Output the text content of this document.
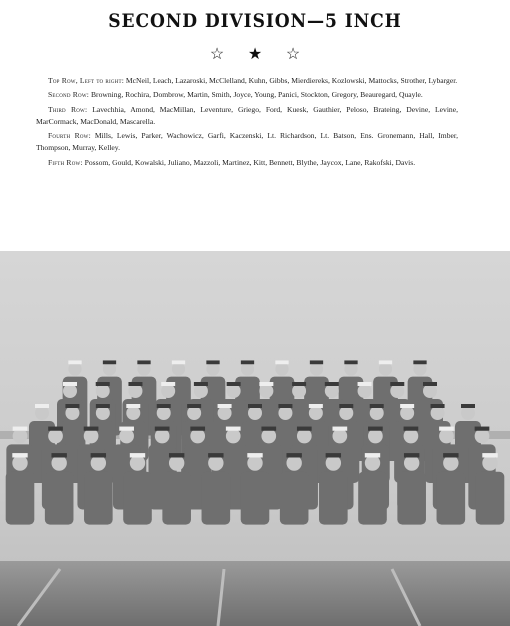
SECOND DIVISION—5 INCH
☆ ★ ☆

Top Row, Left to right: McNeil, Leach, Lazaroski, McClelland, Kuhn, Gibbs, Mierdiereks, Kozlowski, Mattocks, Strother, Lybarger.

Second Row: Browning, Rochira, Dombrow, Martin, Smith, Joyce, Young, Panici, Stockton, Gregory, Beauregard, Quayle.

Third Row: Lavechhia, Amond, MacMillan, Leventure, Griego, Ford, Kuesk, Gauthier, Peloso, Brateing, Devine, Levine, MarCormack, MacDonald, Mascarella.

Fourth Row: Mills, Lewis, Parker, Wachowicz, Garfi, Kaczenski, Lt. Richardson, Lt. Batson, Ens. Gronemann, Hall, Imber, Thompson, Murray, Kelley.

Fifth Row: Possom, Gould, Kowalski, Juliano, Mazzoli, Martinez, Kitt, Bennett, Blythe, Jaycox, Lane, Rakofski, Davis.
